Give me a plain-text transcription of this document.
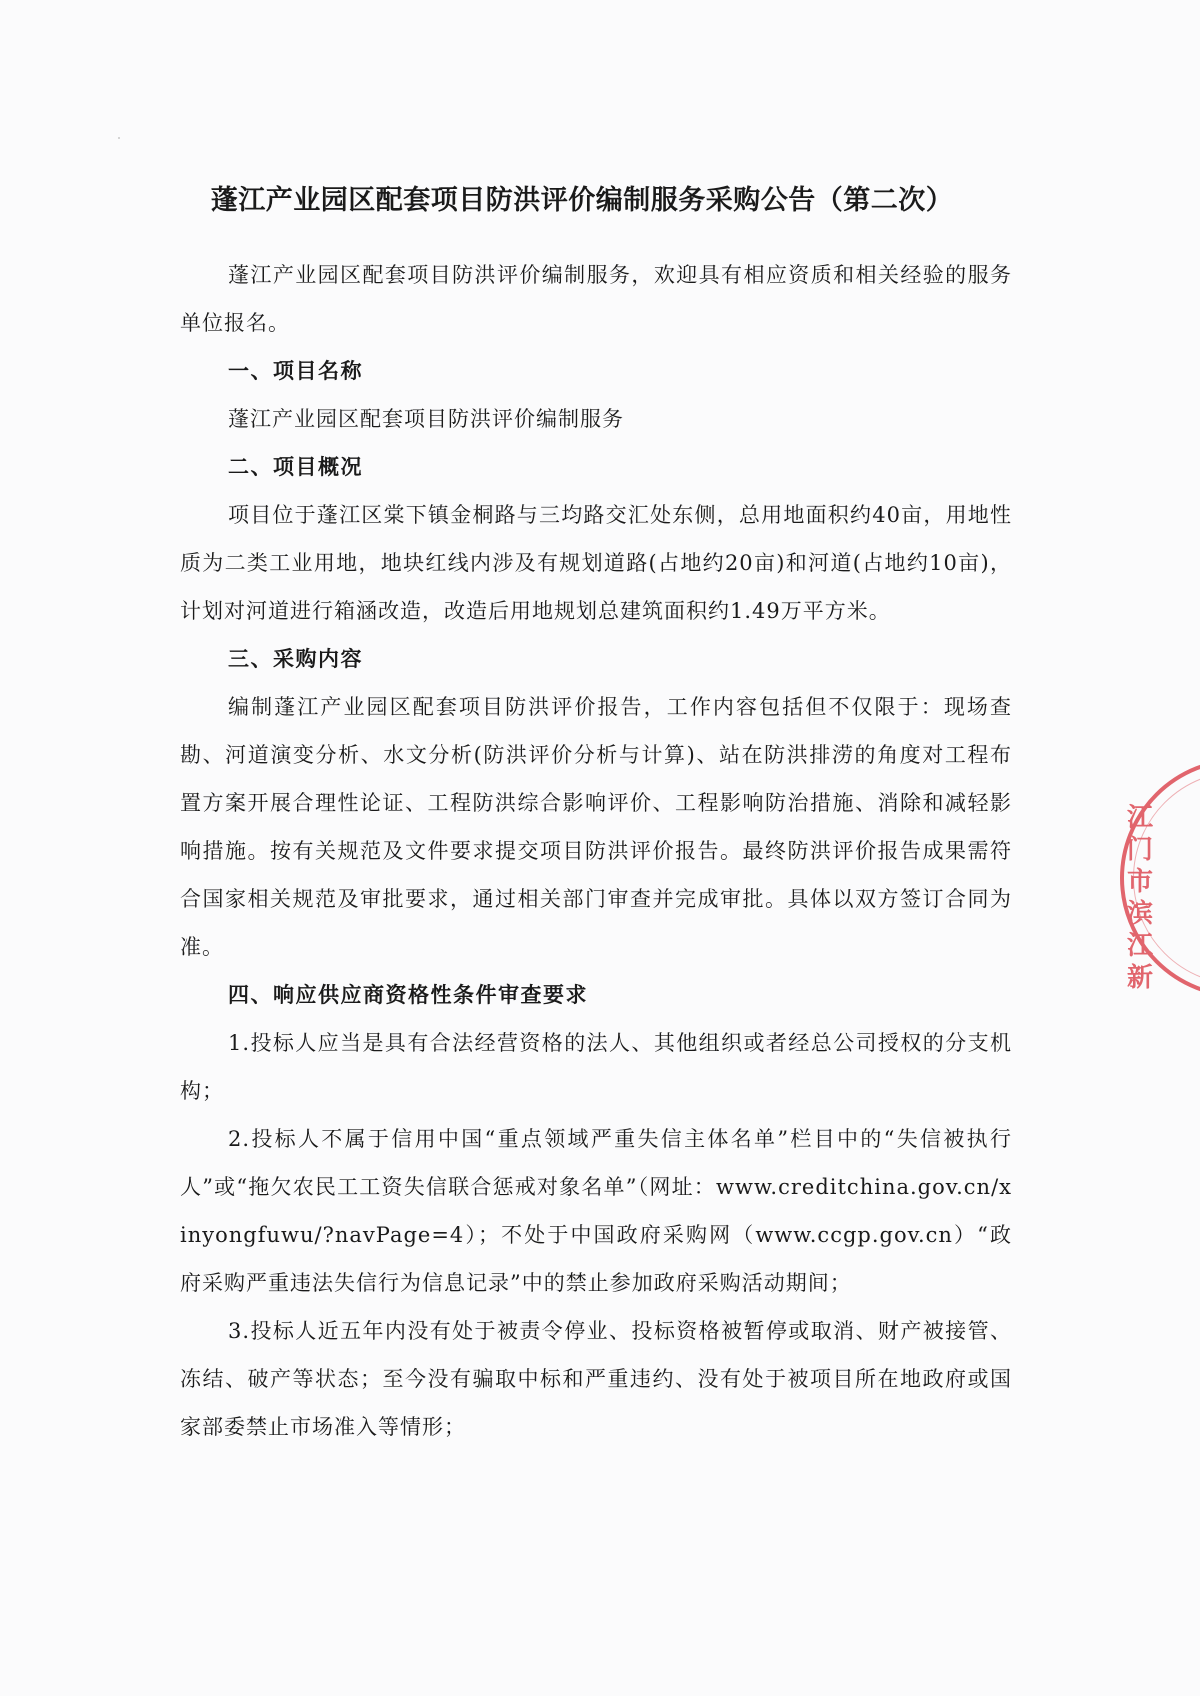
蓬江产业园区配套项目防洪评价编制服务采购公告（第二次）

蓬江产业园区配套项目防洪评价编制服务，欢迎具有相应资质和相关经验的服务单位报名。

一、项目名称

蓬江产业园区配套项目防洪评价编制服务

二、项目概况

项目位于蓬江区棠下镇金桐路与三均路交汇处东侧，总用地面积约40亩，用地性质为二类工业用地，地块红线内涉及有规划道路(占地约20亩)和河道(占地约10亩)，计划对河道进行箱涵改造，改造后用地规划总建筑面积约1.49万平方米。

三、采购内容

编制蓬江产业园区配套项目防洪评价报告，工作内容包括但不仅限于：现场查勘、河道演变分析、水文分析(防洪评价分析与计算)、站在防洪排涝的角度对工程布置方案开展合理性论证、工程防洪综合影响评价、工程影响防治措施、消除和减轻影响措施。按有关规范及文件要求提交项目防洪评价报告。最终防洪评价报告成果需符合国家相关规范及审批要求，通过相关部门审查并完成审批。具体以双方签订合同为准。

四、响应供应商资格性条件审查要求

1.投标人应当是具有合法经营资格的法人、其他组织或者经总公司授权的分支机构；

2.投标人不属于信用中国“重点领域严重失信主体名单”栏目中的“失信被执行人”或“拖欠农民工工资失信联合惩戒对象名单”（网址：www.creditchina.gov.cn/xinyongfuwu/?navPage=4）；不处于中国政府采购网（www.ccgp.gov.cn）“政府采购严重违法失信行为信息记录”中的禁止参加政府采购活动期间；

3.投标人近五年内没有处于被责令停业、投标资格被暂停或取消、财产被接管、冻结、破产等状态；至今没有骗取中标和严重违约、没有处于被项目所在地政府或国家部委禁止市场准入等情形；

江门市滨江新
